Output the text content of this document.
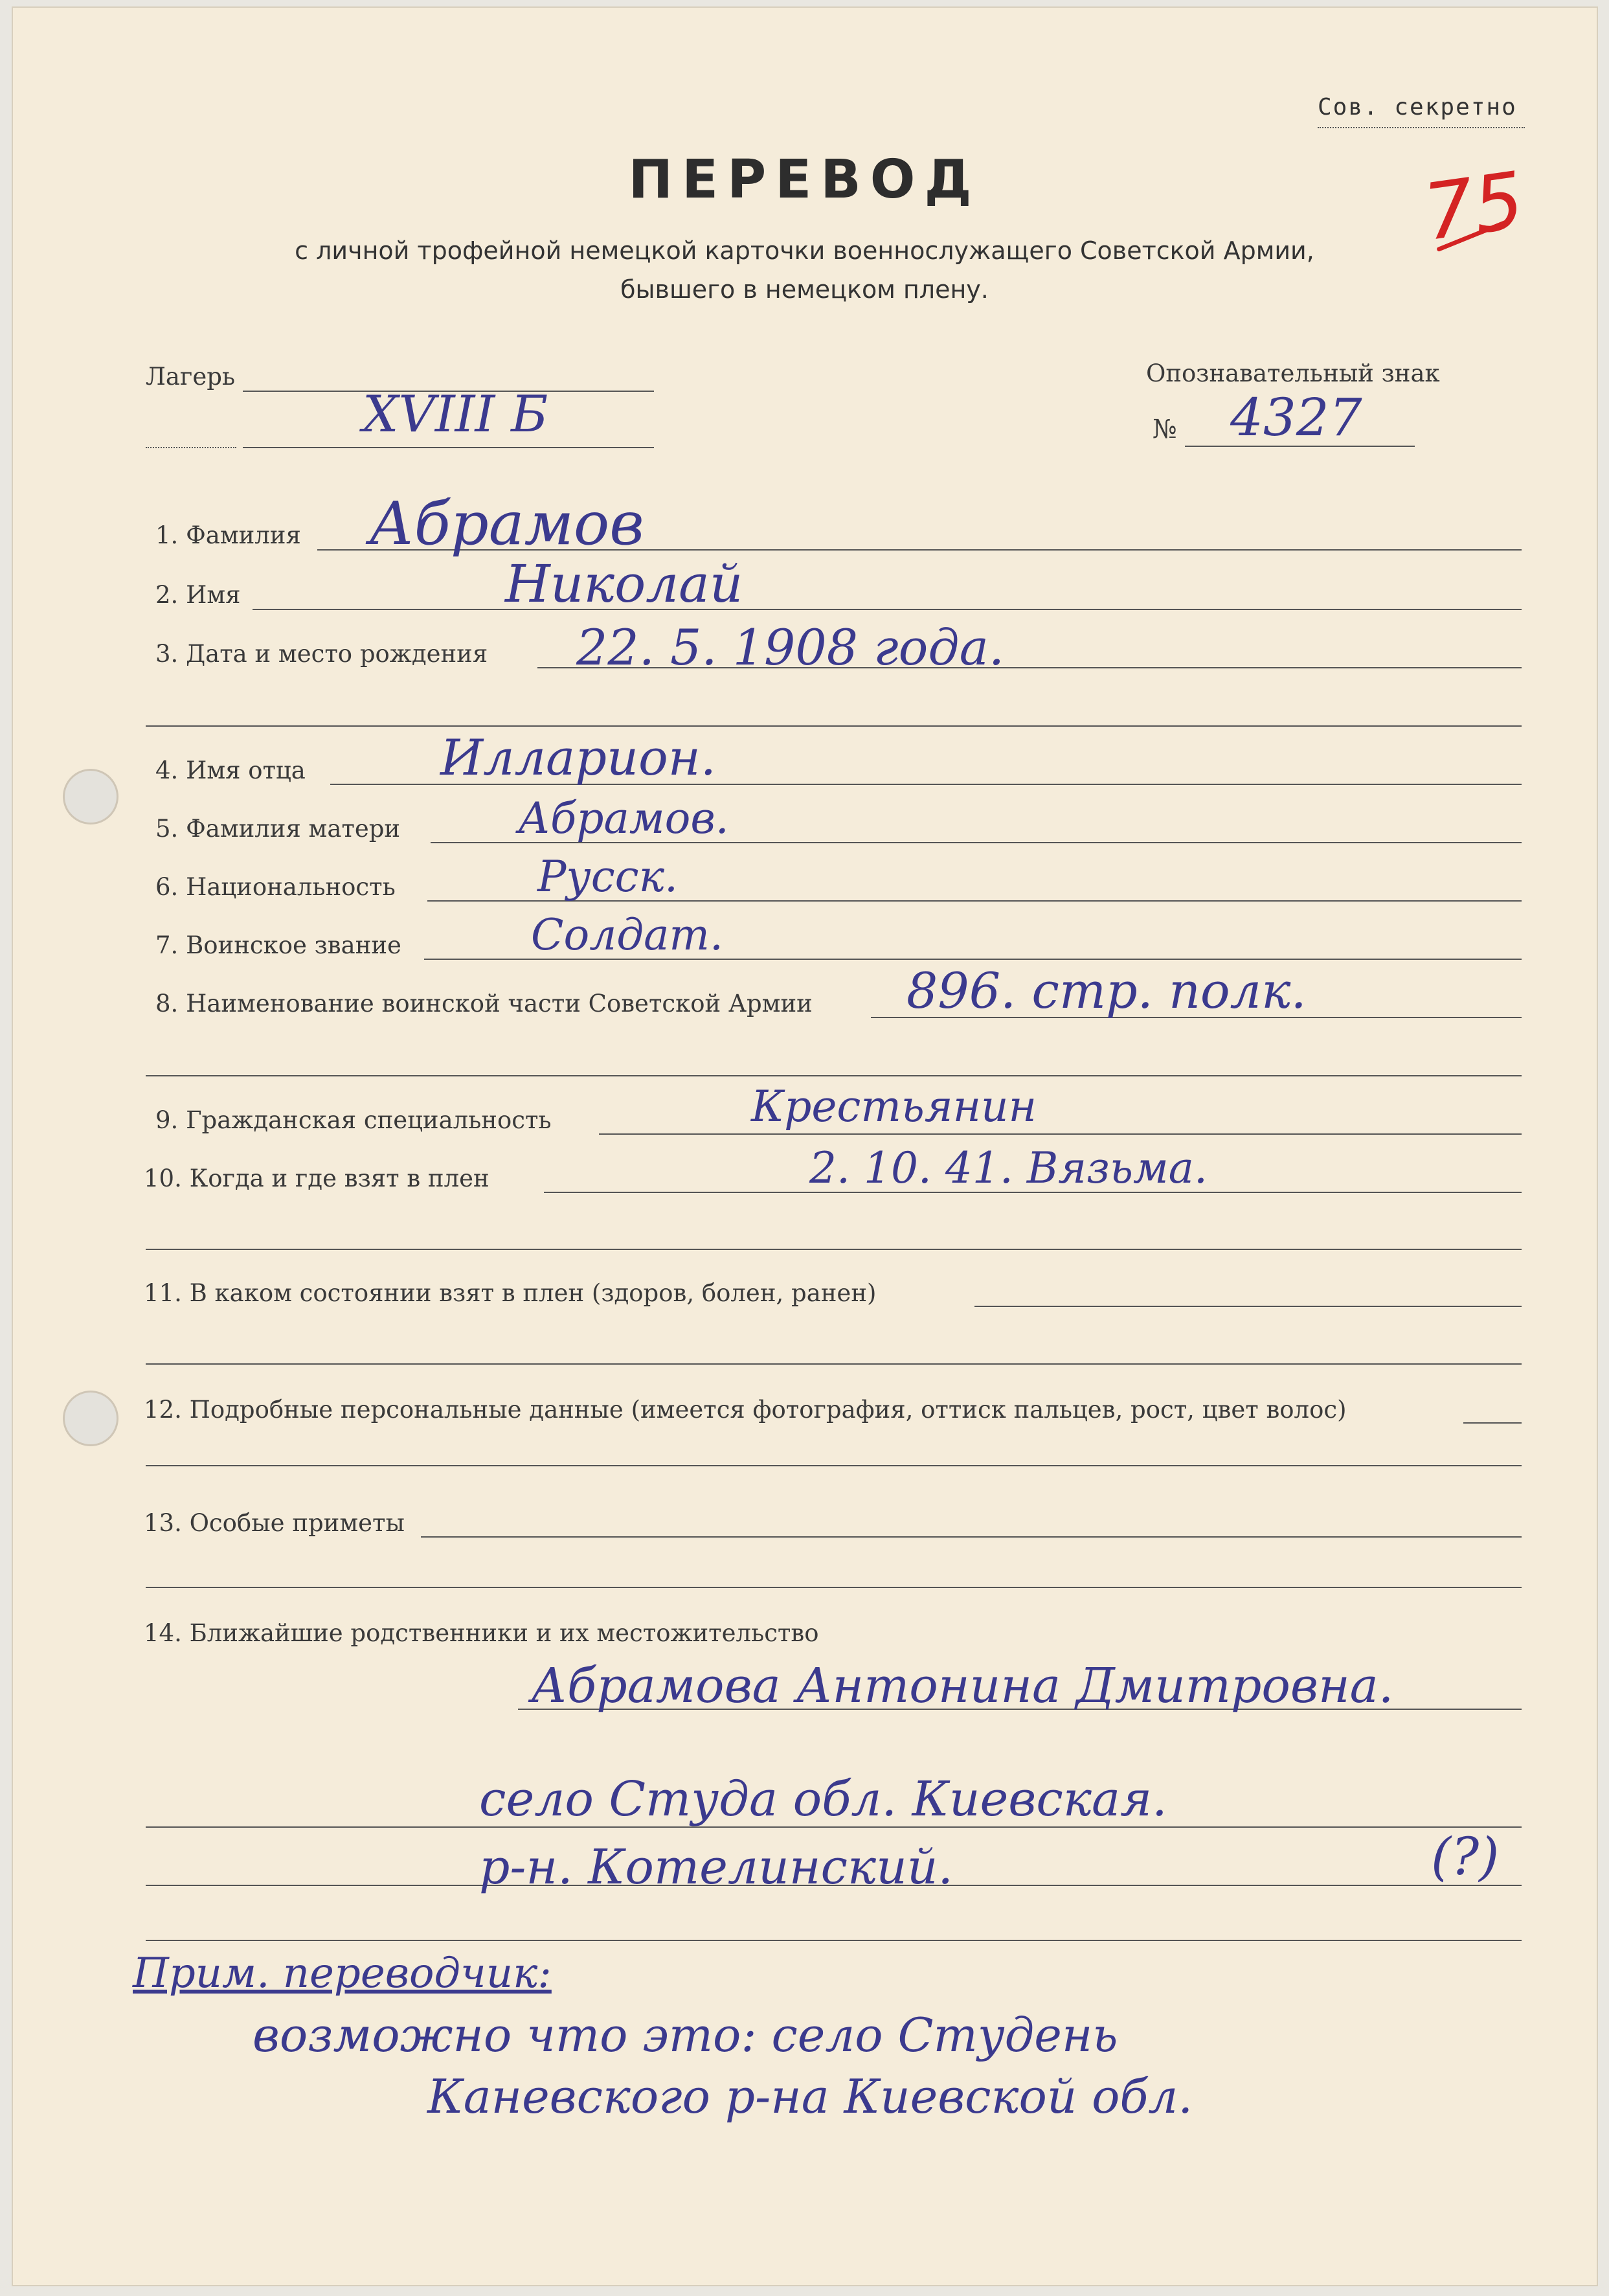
Сов. секретно
75
ПЕРЕВОД
с личной трофейной немецкой карточки военнослужащего Советской Армии,
бывшего в немецком плену.
Лагерь
XVIII Б
Опознавательный знак
№ 4327
1. Фамилия Абрамов
2. Имя	Николай
3. Дата и место рождения 22. 5. 1908 года.
4. Имя отца	Илларион.
5. Фамилия матери	Абрамов.
6. Национальность	Русск.
7. Воинское звание	Солдат.
8. Наименование воинской части Советской Армии 896. стр. полк.
9. Гражданская специальность	Крестьянин
10. Когда и где взят в плен	2. 10. 41. Вязьма.
11. В каком состоянии взят в плен (здоров, болен, ранен)
12. Подробные персональные данные (имеется фотография, оттиск пальцев, рост, цвет волос)
13. Особые приметы
14. Ближайшие родственники и их местожительство
Абрамова Антонина Дмитровна.
село Студа обл. Киевская.
р-н. Котелинский.	(?)
Прим. переводчик:
возможно что это: село Студень
Каневского р-на Киевской обл.
